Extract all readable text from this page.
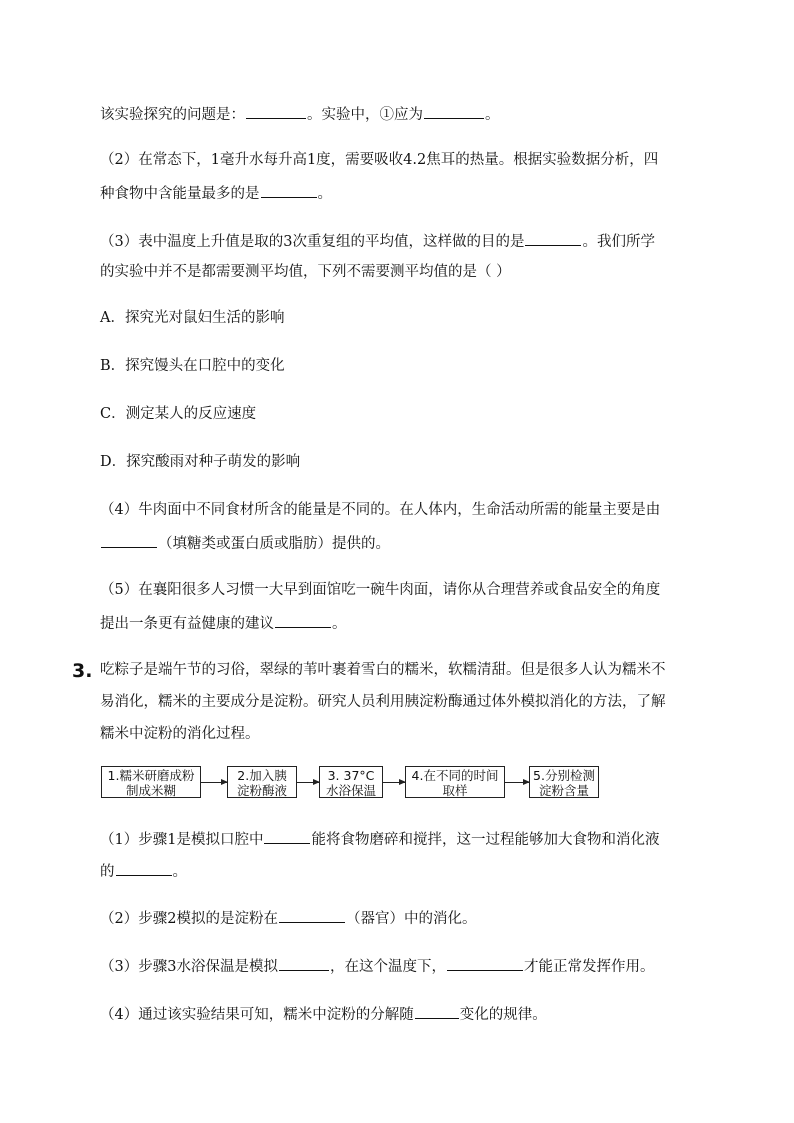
3.
1.糯米研磨成粉
制成米糊
2.加入胰
淀粉酶液
3. 37°C
水浴保温
4.在不同的时间
取样
5.分别检测
淀粉含量
该实验探究的问题是：	。实验中，①应为	。
（2）在常态下，1毫升水每升高1度，需要吸收4.2焦耳的热量。根据实验数据分析，四
种食物中含能量最多的是	。
（3）表中温度上升值是取的3次重复组的平均值，这样做的目的是	。我们所学
的实验中并不是都需要测平均值，下列不需要测平均值的是（ ）
A．探究光对鼠妇生活的影响
B．探究馒头在口腔中的变化
C．测定某人的反应速度
D．探究酸雨对种子萌发的影响
（4）牛肉面中不同食材所含的能量是不同的。在人体内，生命活动所需的能量主要是由
（填糖类或蛋白质或脂肪）提供的。
（5）在襄阳很多人习惯一大早到面馆吃一碗牛肉面，请你从合理营养或食品安全的角度
提出一条更有益健康的建议	。
吃粽子是端午节的习俗，翠绿的苇叶裹着雪白的糯米，软糯清甜。但是很多人认为糯米不
易消化，糯米的主要成分是淀粉。研究人员利用胰淀粉酶通过体外模拟消化的方法，了解
糯米中淀粉的消化过程。
（1）步骤1是模拟口腔中	能将食物磨碎和搅拌，这一过程能够加大食物和消化液
的	。
（2）步骤2模拟的是淀粉在	（器官）中的消化。
（3）步骤3水浴保温是模拟	，在这个温度下，	才能正常发挥作用。
（4）通过该实验结果可知，糯米中淀粉的分解随	变化的规律。
